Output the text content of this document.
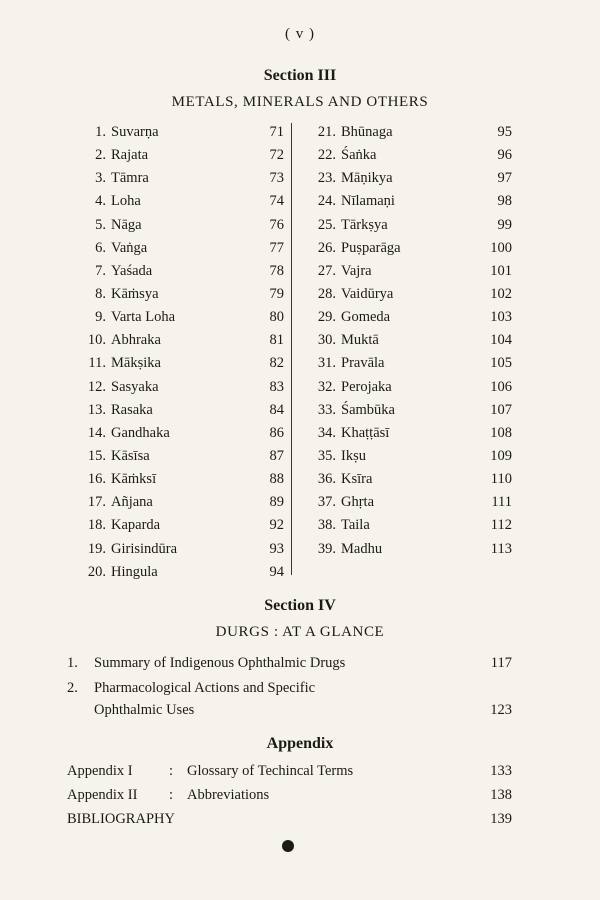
( v )
Section III
METALS, MINERALS AND OTHERS
1. Suvarṇa	71
2. Rajata	72
3. Tāmra	73
4. Loha	74
5. Nāga	76
6. Vaṅga	77
7. Yaśada	78
8. Kāṁsya	79
9. Varta Loha	80
10. Abhraka	81
11. Mākṣika	82
12. Sasyaka	83
13. Rasaka	84
14. Gandhaka	86
15. Kāsīsa	87
16. Kāṁksī	88
17. Añjana	89
18. Kaparda	92
19. Girisindūra	93
20. Hingula	94
21. Bhūnaga	95
22. Śaṅka	96
23. Māṇikya	97
24. Nīlamaṇi	98
25. Tārkṣya	99
26. Puṣparāga	100
27. Vajra	101
28. Vaidūrya	102
29. Gomeda	103
30. Muktā	104
31. Pravāla	105
32. Perojaka	106
33. Śambūka	107
34. Khaṭṭāsī	108
35. Ikṣu	109
36. Ksīra	110
37. Ghṛta	111
38. Taila	112
39. Madhu	113
Section IV
DURGS : AT A GLANCE
1. Summary of Indigenous Ophthalmic Drugs	117
2. Pharmacological Actions and Specific
Ophthalmic Uses	123
Appendix
Appendix I	: Glossary of Techincal Terms	133
Appendix II : Abbreviations	138
BIBLIOGRAPHY	139
